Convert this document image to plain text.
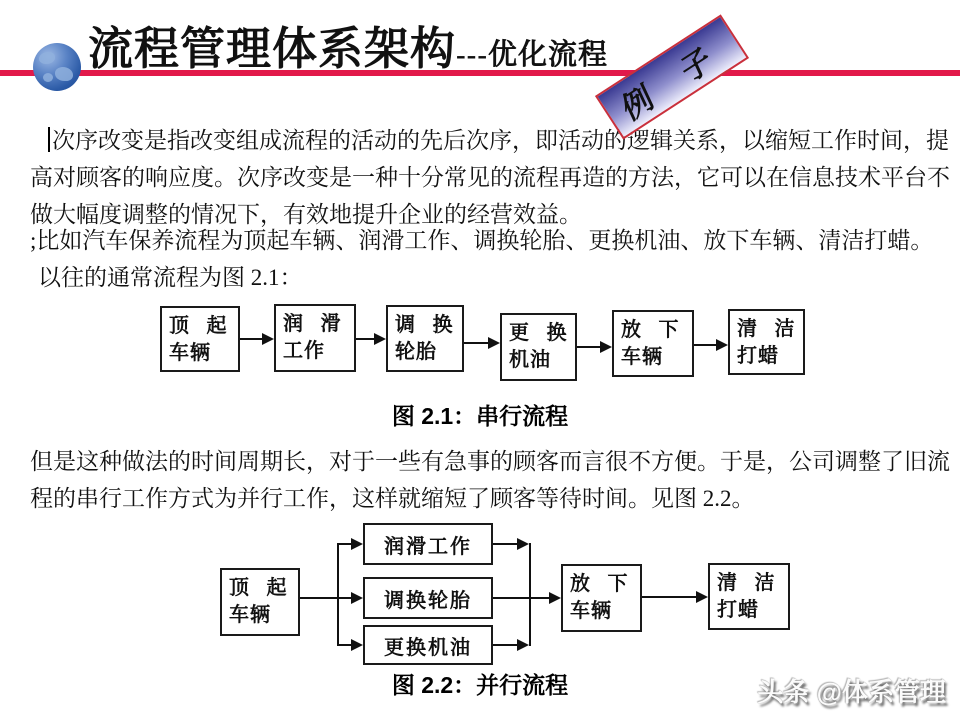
流程管理体系架构---优化流程 例 子
次序改变是指改变组成流程的活动的先后次序，即活动的逻辑关系，以缩短工作时间，提
高对顾客的响应度。次序改变是一种十分常见的流程再造的方法，它可以在信息技术平台不
做大幅度调整的情况下，有效地提升企业的经营效益。
;比如汽车保养流程为顶起车辆、润滑工作、调换轮胎、更换机油、放下车辆、清洁打蜡。
以往的通常流程为图 2.1：
顶 起
车辆
润 滑
工作
调 换
轮胎
更 换
机油
放 下
车辆
清 洁
打蜡
图 2.1：串行流程
但是这种做法的时间周期长，对于一些有急事的顾客而言很不方便。于是，公司调整了旧流
程的串行工作方式为并行工作，这样就缩短了顾客等待时间。见图 2.2。
顶 起
车辆
润滑工作
调换轮胎
更换机油
放 下
车辆
清 洁
打蜡
图 2.2：并行流程	头条 @体系管理
